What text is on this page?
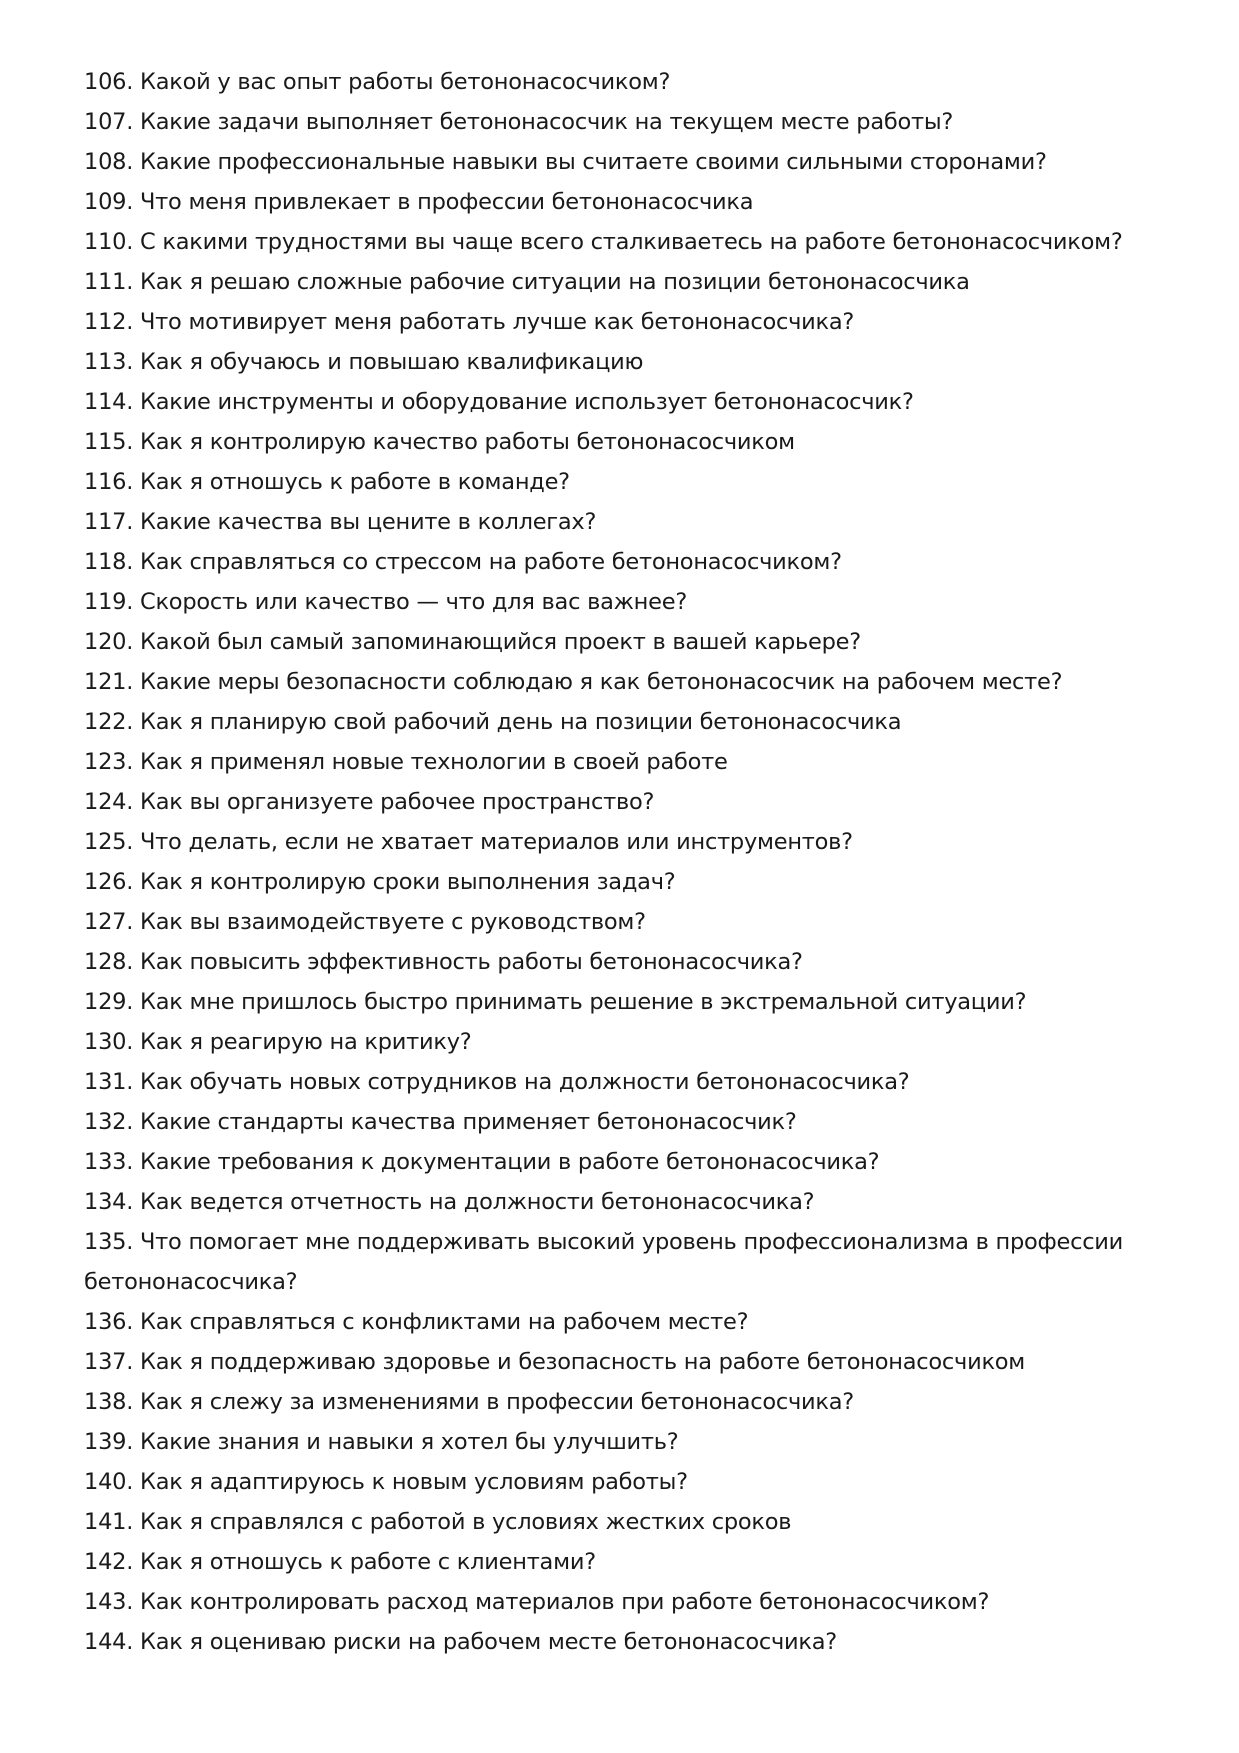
106. Какой у вас опыт работы бетононасосчиком?
107. Какие задачи выполняет бетононасосчик на текущем месте работы?
108. Какие профессиональные навыки вы считаете своими сильными сторонами?
109. Что меня привлекает в профессии бетононасосчика
110. С какими трудностями вы чаще всего сталкиваетесь на работе бетононасосчиком?
111. Как я решаю сложные рабочие ситуации на позиции бетононасосчика
112. Что мотивирует меня работать лучше как бетононасосчика?
113. Как я обучаюсь и повышаю квалификацию
114. Какие инструменты и оборудование использует бетононасосчик?
115. Как я контролирую качество работы бетононасосчиком
116. Как я отношусь к работе в команде?
117. Какие качества вы цените в коллегах?
118. Как справляться со стрессом на работе бетононасосчиком?
119. Скорость или качество — что для вас важнее?
120. Какой был самый запоминающийся проект в вашей карьере?
121. Какие меры безопасности соблюдаю я как бетононасосчик на рабочем месте?
122. Как я планирую свой рабочий день на позиции бетононасосчика
123. Как я применял новые технологии в своей работе
124. Как вы организуете рабочее пространство?
125. Что делать, если не хватает материалов или инструментов?
126. Как я контролирую сроки выполнения задач?
127. Как вы взаимодействуете с руководством?
128. Как повысить эффективность работы бетононасосчика?
129. Как мне пришлось быстро принимать решение в экстремальной ситуации?
130. Как я реагирую на критику?
131. Как обучать новых сотрудников на должности бетононасосчика?
132. Какие стандарты качества применяет бетононасосчик?
133. Какие требования к документации в работе бетононасосчика?
134. Как ведется отчетность на должности бетононасосчика?
135. Что помогает мне поддерживать высокий уровень профессионализма в профессии бетононасосчика?
136. Как справляться с конфликтами на рабочем месте?
137. Как я поддерживаю здоровье и безопасность на работе бетононасосчиком
138. Как я слежу за изменениями в профессии бетононасосчика?
139. Какие знания и навыки я хотел бы улучшить?
140. Как я адаптируюсь к новым условиям работы?
141. Как я справлялся с работой в условиях жестких сроков
142. Как я отношусь к работе с клиентами?
143. Как контролировать расход материалов при работе бетононасосчиком?
144. Как я оцениваю риски на рабочем месте бетононасосчика?
